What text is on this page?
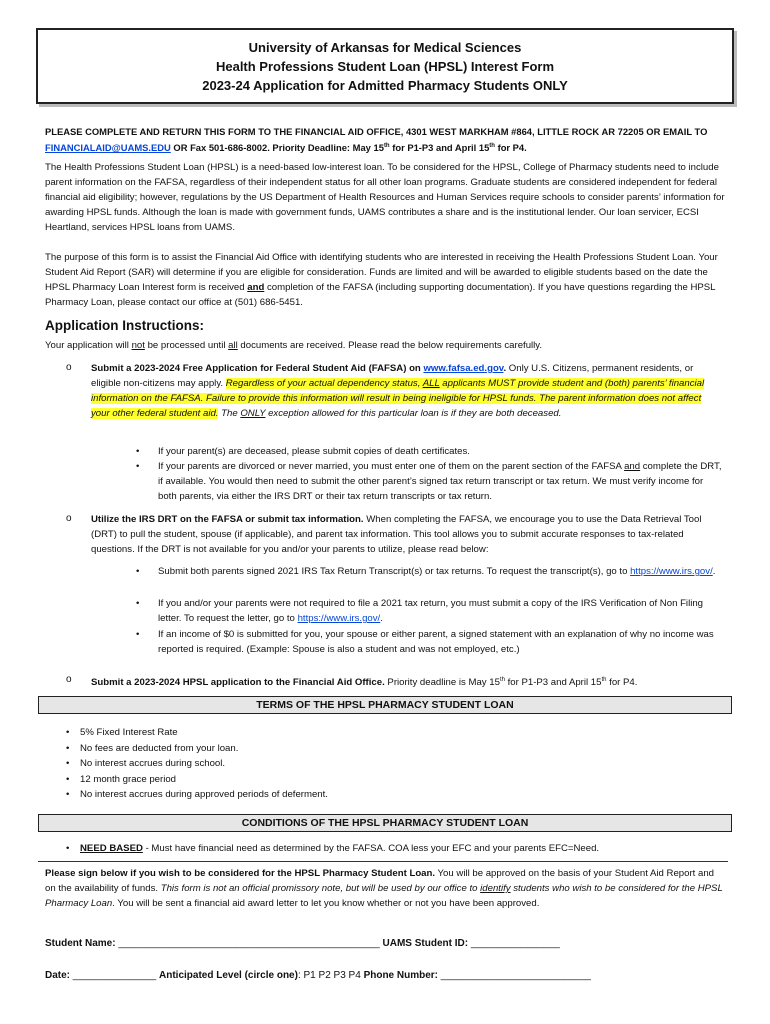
University of Arkansas for Medical Sciences
Health Professions Student Loan (HPSL) Interest Form
2023-24 Application for Admitted Pharmacy Students ONLY
PLEASE COMPLETE AND RETURN THIS FORM TO THE FINANCIAL AID OFFICE, 4301 WEST MARKHAM #864, LITTLE ROCK AR 72205 OR EMAIL TO FINANCIALAID@UAMS.EDU OR Fax 501-686-8002. Priority Deadline: May 15th for P1-P3 and April 15th for P4.
The Health Professions Student Loan (HPSL) is a need-based low-interest loan. To be considered for the HPSL, College of Pharmacy students need to include parent information on the FAFSA, regardless of their independent status for all other loan programs. Graduate students are considered independent for federal financial aid eligibility; however, regulations by the US Department of Health Resources and Human Services require schools to consider parents’ information for awarding HPSL funds. Although the loan is made with government funds, UAMS contributes a share and is the institutional lender. Our loan servicer, ECSI Heartland, services HPSL loans from UAMS.
The purpose of this form is to assist the Financial Aid Office with identifying students who are interested in receiving the Health Professions Student Loan. Your Student Aid Report (SAR) will determine if you are eligible for consideration. Funds are limited and will be awarded to eligible students based on the date the HPSL Pharmacy Loan Interest form is received and completion of the FAFSA (including supporting documentation). If you have questions regarding the HPSL Pharmacy Loan, please contact our office at (501) 686-5451.
Application Instructions:
Your application will not be processed until all documents are received. Please read the below requirements carefully.
o Submit a 2023-2024 Free Application for Federal Student Aid (FAFSA) on www.fafsa.ed.gov. Only U.S. Citizens, permanent residents, or eligible non-citizens may apply. Regardless of your actual dependency status, ALL applicants MUST provide student and (both) parents’ financial information on the FAFSA. Failure to provide this information will result in being ineligible for HPSL funds. The parent information does not affect your other federal student aid. The ONLY exception allowed for this particular loan is if they are both deceased.
• If your parent(s) are deceased, please submit copies of death certificates.
• If your parents are divorced or never married, you must enter one of them on the parent section of the FAFSA and complete the DRT, if available. You would then need to submit the other parent’s signed tax return transcript or tax return. We must verify income for both parents, via either the IRS DRT or their tax return transcripts or tax return.
o Utilize the IRS DRT on the FAFSA or submit tax information. When completing the FAFSA, we encourage you to use the Data Retrieval Tool (DRT) to pull the student, spouse (if applicable), and parent tax information. This tool allows you to submit accurate responses to tax-related questions. If the DRT is not available for you and/or your parents to utilize, please read below:
• Submit both parents signed 2021 IRS Tax Return Transcript(s) or tax returns. To request the transcript(s), go to https://www.irs.gov/.
• If you and/or your parents were not required to file a 2021 tax return, you must submit a copy of the IRS Verification of Non Filing letter. To request the letter, go to https://www.irs.gov/.
• If an income of $0 is submitted for you, your spouse or either parent, a signed statement with an explanation of why no income was reported is required. (Example: Spouse is also a student and was not employed, etc.)
o Submit a 2023-2024 HPSL application to the Financial Aid Office. Priority deadline is May 15th for P1-P3 and April 15th for P4.
TERMS OF THE HPSL PHARMACY STUDENT LOAN
• 5% Fixed Interest Rate
• No fees are deducted from your loan.
• No interest accrues during school.
• 12 month grace period
• No interest accrues during approved periods of deferment.
CONDITIONS OF THE HPSL PHARMACY STUDENT LOAN
• NEED BASED - Must have financial need as determined by the FAFSA. COA less your EFC and your parents EFC=Need.
Please sign below if you wish to be considered for the HPSL Pharmacy Student Loan. You will be approved on the basis of your Student Aid Report and on the availability of funds. This form is not an official promissory note, but will be used by our office to identify students who wish to be considered for the HPSL Pharmacy Loan. You will be sent a financial aid award letter to let you know whether or not you have been approved.
Student Name: _______________________________________________ UAMS Student ID: ________________
Date: _______________ Anticipated Level (circle one): P1 P2 P3 P4 Phone Number: ___________________________
